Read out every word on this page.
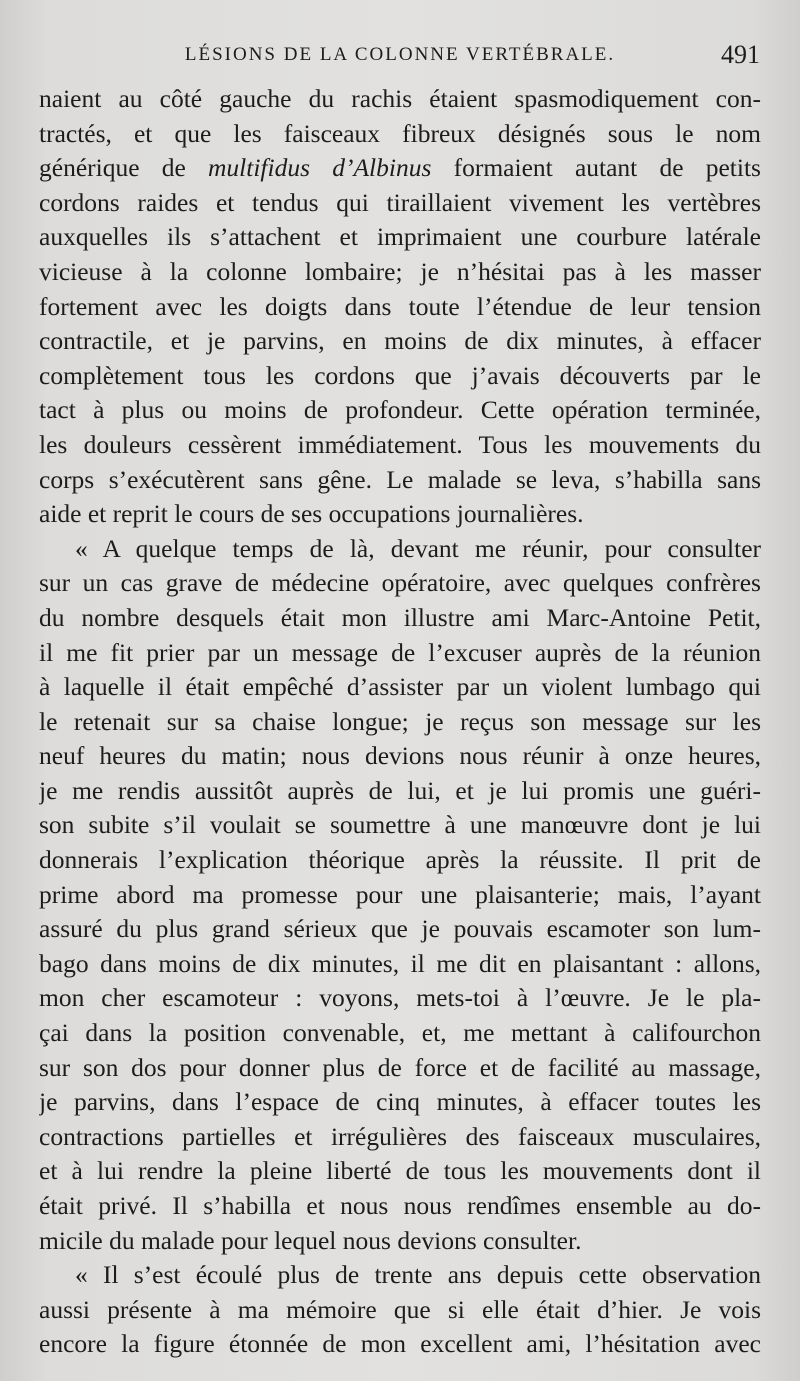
LÉSIONS DE LA COLONNE VERTÉBRALE.	491
naient au côté gauche du rachis étaient spasmodiquement con-
tractés, et que les faisceaux fibreux désignés sous le nom
générique de multifidus d’Albinus formaient autant de petits
cordons raides et tendus qui tiraillaient vivement les vertèbres
auxquelles ils s’attachent et imprimaient une courbure latérale
vicieuse à la colonne lombaire; je n’hésitai pas à les masser
fortement avec les doigts dans toute l’étendue de leur tension
contractile, et je parvins, en moins de dix minutes, à effacer
complètement tous les cordons que j’avais découverts par le
tact à plus ou moins de profondeur. Cette opération terminée,
les douleurs cessèrent immédiatement. Tous les mouvements du
corps s’exécutèrent sans gêne. Le malade se leva, s’habilla sans
aide et reprit le cours de ses occupations journalières.
« A quelque temps de là, devant me réunir, pour consulter
sur un cas grave de médecine opératoire, avec quelques confrères
du nombre desquels était mon illustre ami Marc-Antoine Petit,
il me fit prier par un message de l’excuser auprès de la réunion
à laquelle il était empêché d’assister par un violent lumbago qui
le retenait sur sa chaise longue; je reçus son message sur les
neuf heures du matin; nous devions nous réunir à onze heures,
je me rendis aussitôt auprès de lui, et je lui promis une guéri-
son subite s’il voulait se soumettre à une manœuvre dont je lui
donnerais l’explication théorique après la réussite. Il prit de
prime abord ma promesse pour une plaisanterie; mais, l’ayant
assuré du plus grand sérieux que je pouvais escamoter son lum-
bago dans moins de dix minutes, il me dit en plaisantant : allons,
mon cher escamoteur : voyons, mets-toi à l’œuvre. Je le pla-
çai dans la position convenable, et, me mettant à califourchon
sur son dos pour donner plus de force et de facilité au massage,
je parvins, dans l’espace de cinq minutes, à effacer toutes les
contractions partielles et irrégulières des faisceaux musculaires,
et à lui rendre la pleine liberté de tous les mouvements dont il
était privé. Il s’habilla et nous nous rendîmes ensemble au do-
micile du malade pour lequel nous devions consulter.
« Il s’est écoulé plus de trente ans depuis cette observation
aussi présente à ma mémoire que si elle était d’hier. Je vois
encore la figure étonnée de mon excellent ami, l’hésitation avec
